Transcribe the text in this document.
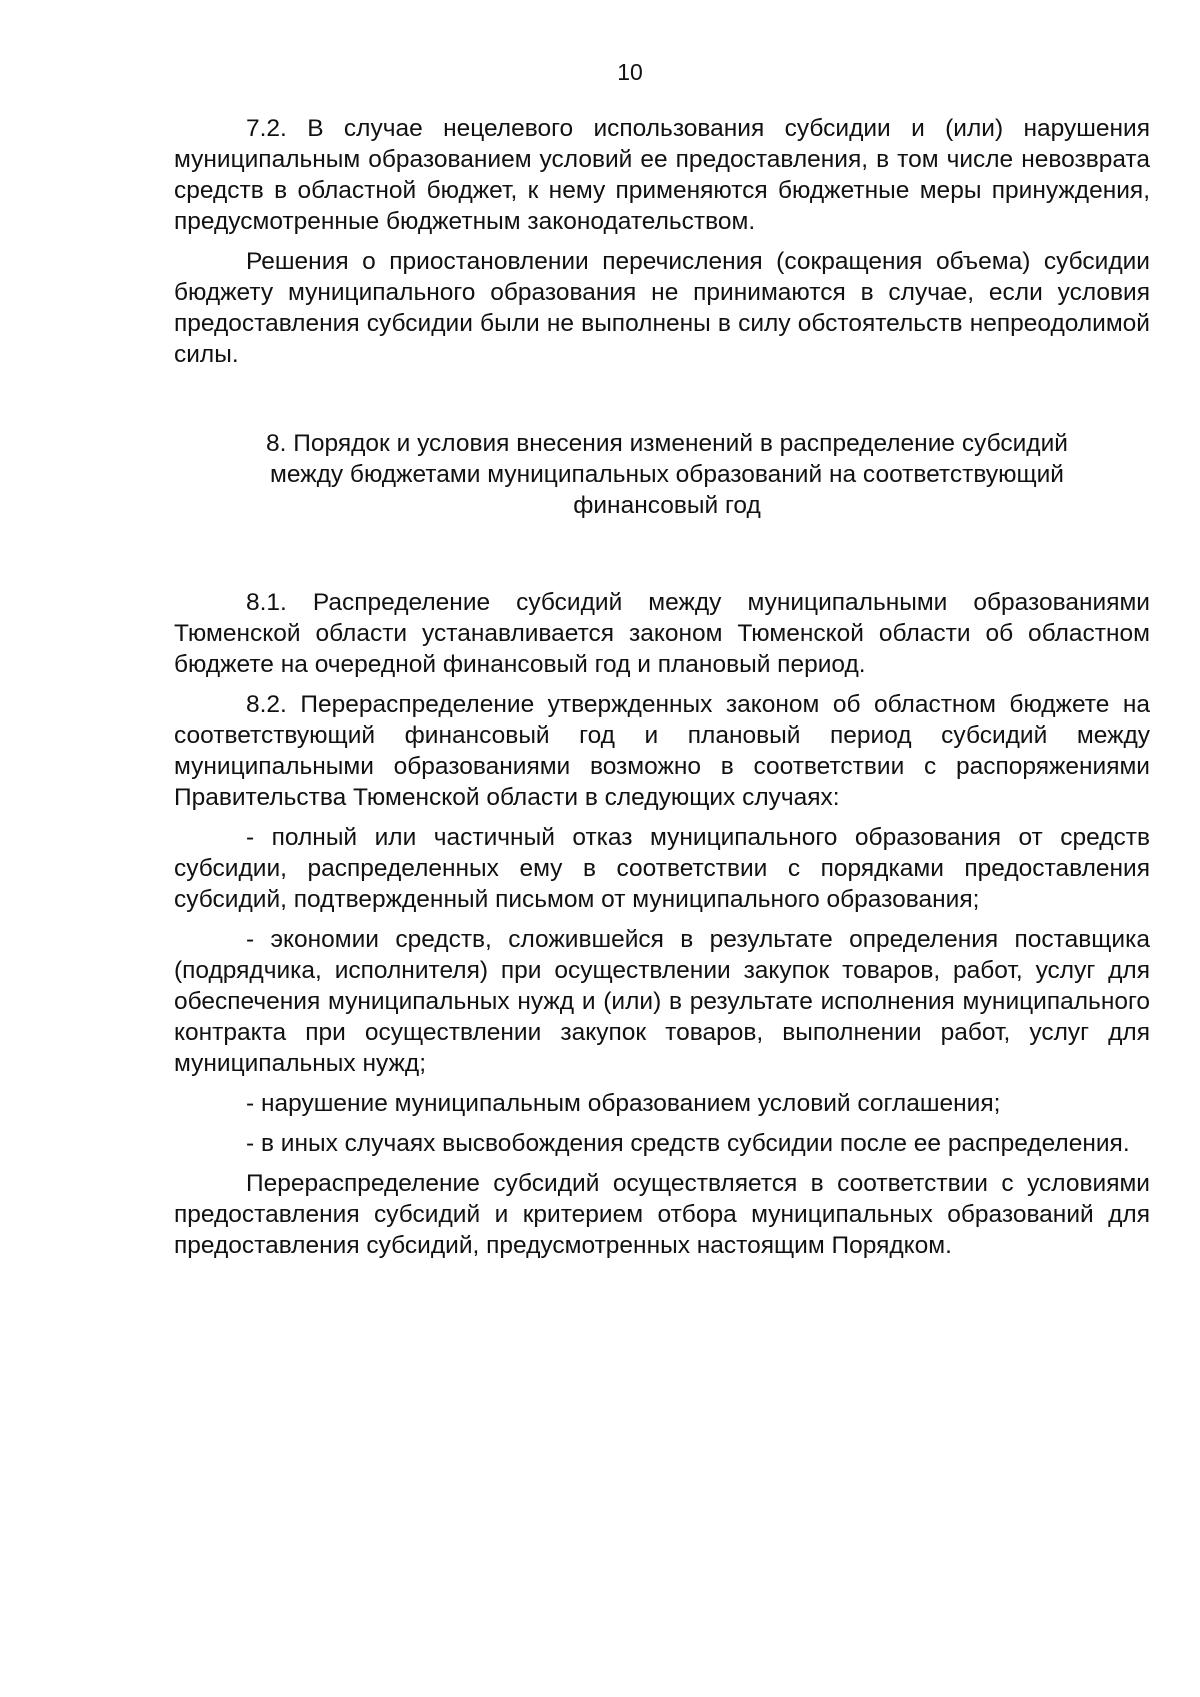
10

7.2. В случае нецелевого использования субсидии и (или) нарушения муниципальным образованием условий ее предоставления, в том числе невозврата средств в областной бюджет, к нему применяются бюджетные меры принуждения, предусмотренные бюджетным законодательством.

Решения о приостановлении перечисления (сокращения объема) субсидии бюджету муниципального образования не принимаются в случае, если условия предоставления субсидии были не выполнены в силу обстоятельств непреодолимой силы.

8. Порядок и условия внесения изменений в распределение субсидий между бюджетами муниципальных образований на соответствующий финансовый год

8.1. Распределение субсидий между муниципальными образованиями Тюменской области устанавливается законом Тюменской области об областном бюджете на очередной финансовый год и плановый период.

8.2. Перераспределение утвержденных законом об областном бюджете на соответствующий финансовый год и плановый период субсидий между муниципальными образованиями возможно в соответствии с распоряжениями Правительства Тюменской области в следующих случаях:

- полный или частичный отказ муниципального образования от средств субсидии, распределенных ему в соответствии с порядками предоставления субсидий, подтвержденный письмом от муниципального образования;

- экономии средств, сложившейся в результате определения поставщика (подрядчика, исполнителя) при осуществлении закупок товаров, работ, услуг для обеспечения муниципальных нужд и (или) в результате исполнения муниципального контракта при осуществлении закупок товаров, выполнении работ, услуг для муниципальных нужд;

- нарушение муниципальным образованием условий соглашения;

- в иных случаях высвобождения средств субсидии после ее распределения.

Перераспределение субсидий осуществляется в соответствии с условиями предоставления субсидий и критерием отбора муниципальных образований для предоставления субсидий, предусмотренных настоящим Порядком.
